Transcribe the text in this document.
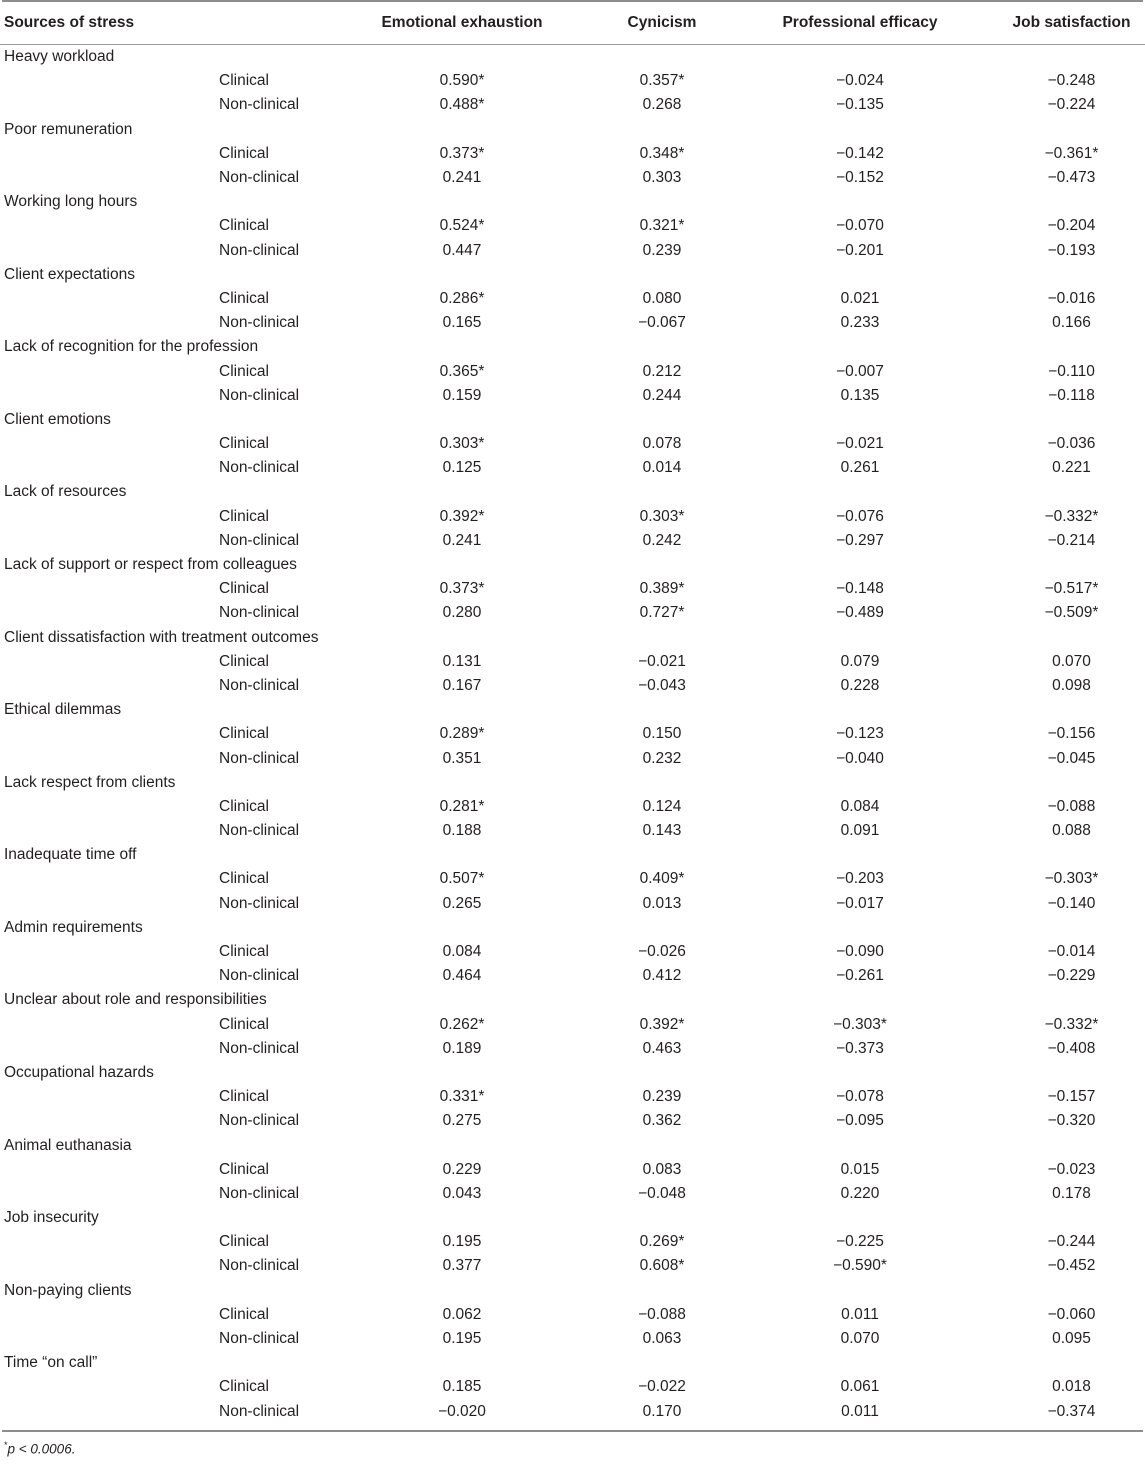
Sources of stress	Emotional exhaustion	Cynicism	Professional efficacy	Job satisfaction

Heavy workload				
Clinical	0.590*	0.357*	−0.024	−0.248
Non-clinical	0.488*	0.268	−0.135	−0.224
Poor remuneration				
Clinical	0.373*	0.348*	−0.142	−0.361*
Non-clinical	0.241	0.303	−0.152	−0.473
Working long hours				
Clinical	0.524*	0.321*	−0.070	−0.204
Non-clinical	0.447	0.239	−0.201	−0.193
Client expectations				
Clinical	0.286*	0.080	0.021	−0.016
Non-clinical	0.165	−0.067	0.233	0.166
Lack of recognition for the profession				
Clinical	0.365*	0.212	−0.007	−0.110
Non-clinical	0.159	0.244	0.135	−0.118
Client emotions				
Clinical	0.303*	0.078	−0.021	−0.036
Non-clinical	0.125	0.014	0.261	0.221
Lack of resources				
Clinical	0.392*	0.303*	−0.076	−0.332*
Non-clinical	0.241	0.242	−0.297	−0.214
Lack of support or respect from colleagues				
Clinical	0.373*	0.389*	−0.148	−0.517*
Non-clinical	0.280	0.727*	−0.489	−0.509*
Client dissatisfaction with treatment outcomes				
Clinical	0.131	−0.021	0.079	0.070
Non-clinical	0.167	−0.043	0.228	0.098
Ethical dilemmas				
Clinical	0.289*	0.150	−0.123	−0.156
Non-clinical	0.351	0.232	−0.040	−0.045
Lack respect from clients				
Clinical	0.281*	0.124	0.084	−0.088
Non-clinical	0.188	0.143	0.091	0.088
Inadequate time off				
Clinical	0.507*	0.409*	−0.203	−0.303*
Non-clinical	0.265	0.013	−0.017	−0.140
Admin requirements				
Clinical	0.084	−0.026	−0.090	−0.014
Non-clinical	0.464	0.412	−0.261	−0.229
Unclear about role and responsibilities				
Clinical	0.262*	0.392*	−0.303*	−0.332*
Non-clinical	0.189	0.463	−0.373	−0.408
Occupational hazards				
Clinical	0.331*	0.239	−0.078	−0.157
Non-clinical	0.275	0.362	−0.095	−0.320
Animal euthanasia				
Clinical	0.229	0.083	0.015	−0.023
Non-clinical	0.043	−0.048	0.220	0.178
Job insecurity				
Clinical	0.195	0.269*	−0.225	−0.244
Non-clinical	0.377	0.608*	−0.590*	−0.452
Non-paying clients				
Clinical	0.062	−0.088	0.011	−0.060
Non-clinical	0.195	0.063	0.070	0.095
Time “on call”				
Clinical	0.185	−0.022	0.061	0.018
Non-clinical	−0.020	0.170	0.011	−0.374
*p < 0.0006.
